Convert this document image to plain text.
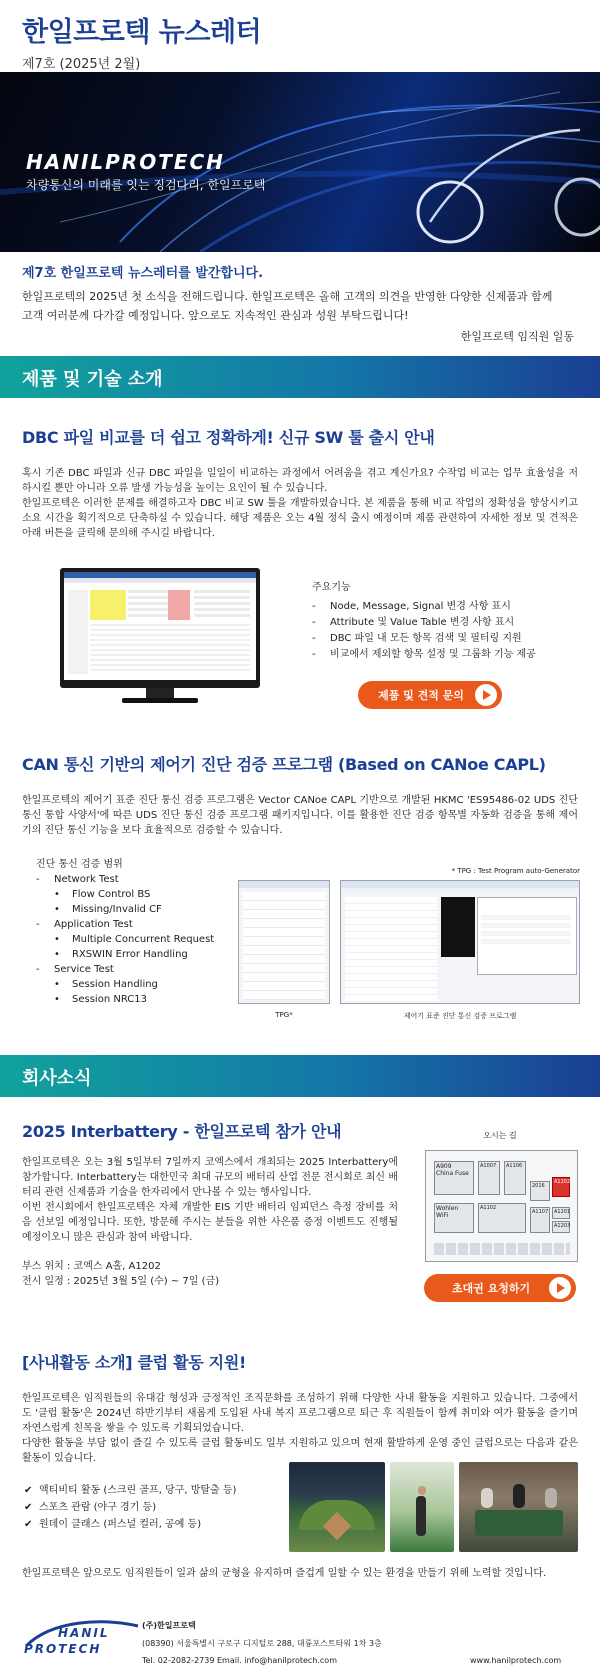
한일프로텍 뉴스레터
제7호 (2025년 2월)
HANILPROTECH
차량통신의 미래를 잇는 징검다리, 한일프로텍
제7호 한일프로텍 뉴스레터를 발간합니다.

한일프로텍의 2025년 첫 소식을 전해드립니다. 한일프로텍은 올해 고객의 의견을 반영한 다양한 신제품과 함께

고객 여러분께 다가갈 예정입니다. 앞으로도 지속적인 관심과 성원 부탁드립니다!

한일프로텍 임직원 일동
제품 및 기술 소개
DBC 파일 비교를 더 쉽고 정확하게! 신규 SW 툴 출시 안내

혹시 기존 DBC 파일과 신규 DBC 파일을 일일이 비교하는 과정에서 어려움을 겪고 계신가요? 수작업 비교는 업무 효율성을 저하시킬 뿐만 아니라 오류 발생 가능성을 높이는 요인이 될 수 있습니다.

한일프로텍은 이러한 문제를 해결하고자 DBC 비교 SW 툴을 개발하였습니다. 본 제품을 통해 비교 작업의 정확성을 향상시키고 소요 시간을 획기적으로 단축하실 수 있습니다. 해당 제품은 오는 4월 정식 출시 예정이며 제품 관련하여 자세한 정보 및 견적은 아래 버튼을 클릭해 문의해 주시길 바랍니다.

주요기능
- Node, Message, Signal 변경 사항 표시
- Attribute 및 Value Table 변경 사항 표시
- DBC 파일 내 모든 항목 검색 및 필터링 지원
- 비교에서 제외할 항목 설정 및 그룹화 기능 제공
제품 및 견적 문의
CAN 통신 기반의 제어기 진단 검증 프로그램 (Based on CANoe CAPL)

한일프로텍의 제어기 표준 진단 통신 검증 프로그램은 Vector CANoe CAPL 기반으로 개발된 HKMC 'ES95486-02 UDS 진단 통신 통합 사양서'에 따른 UDS 진단 통신 검증 프로그램 패키지입니다. 이를 활용한 진단 검증 항목별 자동화 검증을 통해 제어기의 진단 통신 기능을 보다 효율적으로 검증할 수 있습니다.

진단 통신 검증 범위
- Network Test
• Flow Control BS
• Missing/Invalid CF
- Application Test
• Multiple Concurrent Request
• RXSWIN Error Handling
- Service Test
• Session Handling
• Session NRC13
* TPG : Test Program auto-Generator
TPG*	제어기 표준 진단 통신 검증 프로그램
회사소식
2025 Interbattery - 한일프로텍 참가 안내

한일프로텍은 오는 3월 5일부터 7일까지 코엑스에서 개최되는 2025 Interbattery에 참가합니다. Interbattery는 대한민국 최대 규모의 배터리 산업 전문 전시회로 최신 배터리 관련 신제품과 기술을 한자리에서 만나볼 수 있는 행사입니다.

이번 전시회에서 한일프로텍은 자체 개발한 EIS 기반 배터리 임피던스 측정 장비를 처음 선보일 예정입니다. 또한, 방문해 주시는 분들을 위한 사은품 증정 이벤트도 진행될 예정이오니 많은 관심과 참여 바랍니다.

부스 위치 : 코엑스 A홀, A1202

전시 일정 : 2025년 3월 5일 (수) ~ 7일 (금)

오시는 길
A909
China Fuse
A1007	A1106
A1202
Wohlen WiFi
A1102
2016
A1107	A1201
A1203
초대권 요청하기
[사내활동 소개] 클럽 활동 지원!

한일프로텍은 임직원들의 유대감 형성과 긍정적인 조직문화를 조성하기 위해 다양한 사내 활동을 지원하고 있습니다. 그중에서도 '클럽 활동'은 2024년 하반기부터 새롭게 도입된 사내 복지 프로그램으로 퇴근 후 직원들이 함께 취미와 여가 활동을 즐기며 자연스럽게 친목을 쌓을 수 있도록 기획되었습니다.

다양한 활동을 부담 없이 즐길 수 있도록 클럽 활동비도 일부 지원하고 있으며 현재 활발하게 운영 중인 클럽으로는 다음과 같은 활동이 있습니다.

✔ 액티비티 활동 (스크린 골프, 당구, 방탈출 등)
✔ 스포츠 관람 (야구 경기 등)
✔ 원데이 클래스 (퍼스널 컬러, 공예 등)
한일프로텍은 앞으로도 임직원들이 일과 삶의 균형을 유지하며 즐겁게 일할 수 있는 환경을 만들기 위해 노력할 것입니다.
HANIL
PROTECH
(주)한일프로텍
(08390) 서울특별시 구로구 디지털로 288, 대륭포스트타워 1차 3층
Tel. 02-2082-2739 Email. info@hanilprotech.com	www.hanilprotech.com
